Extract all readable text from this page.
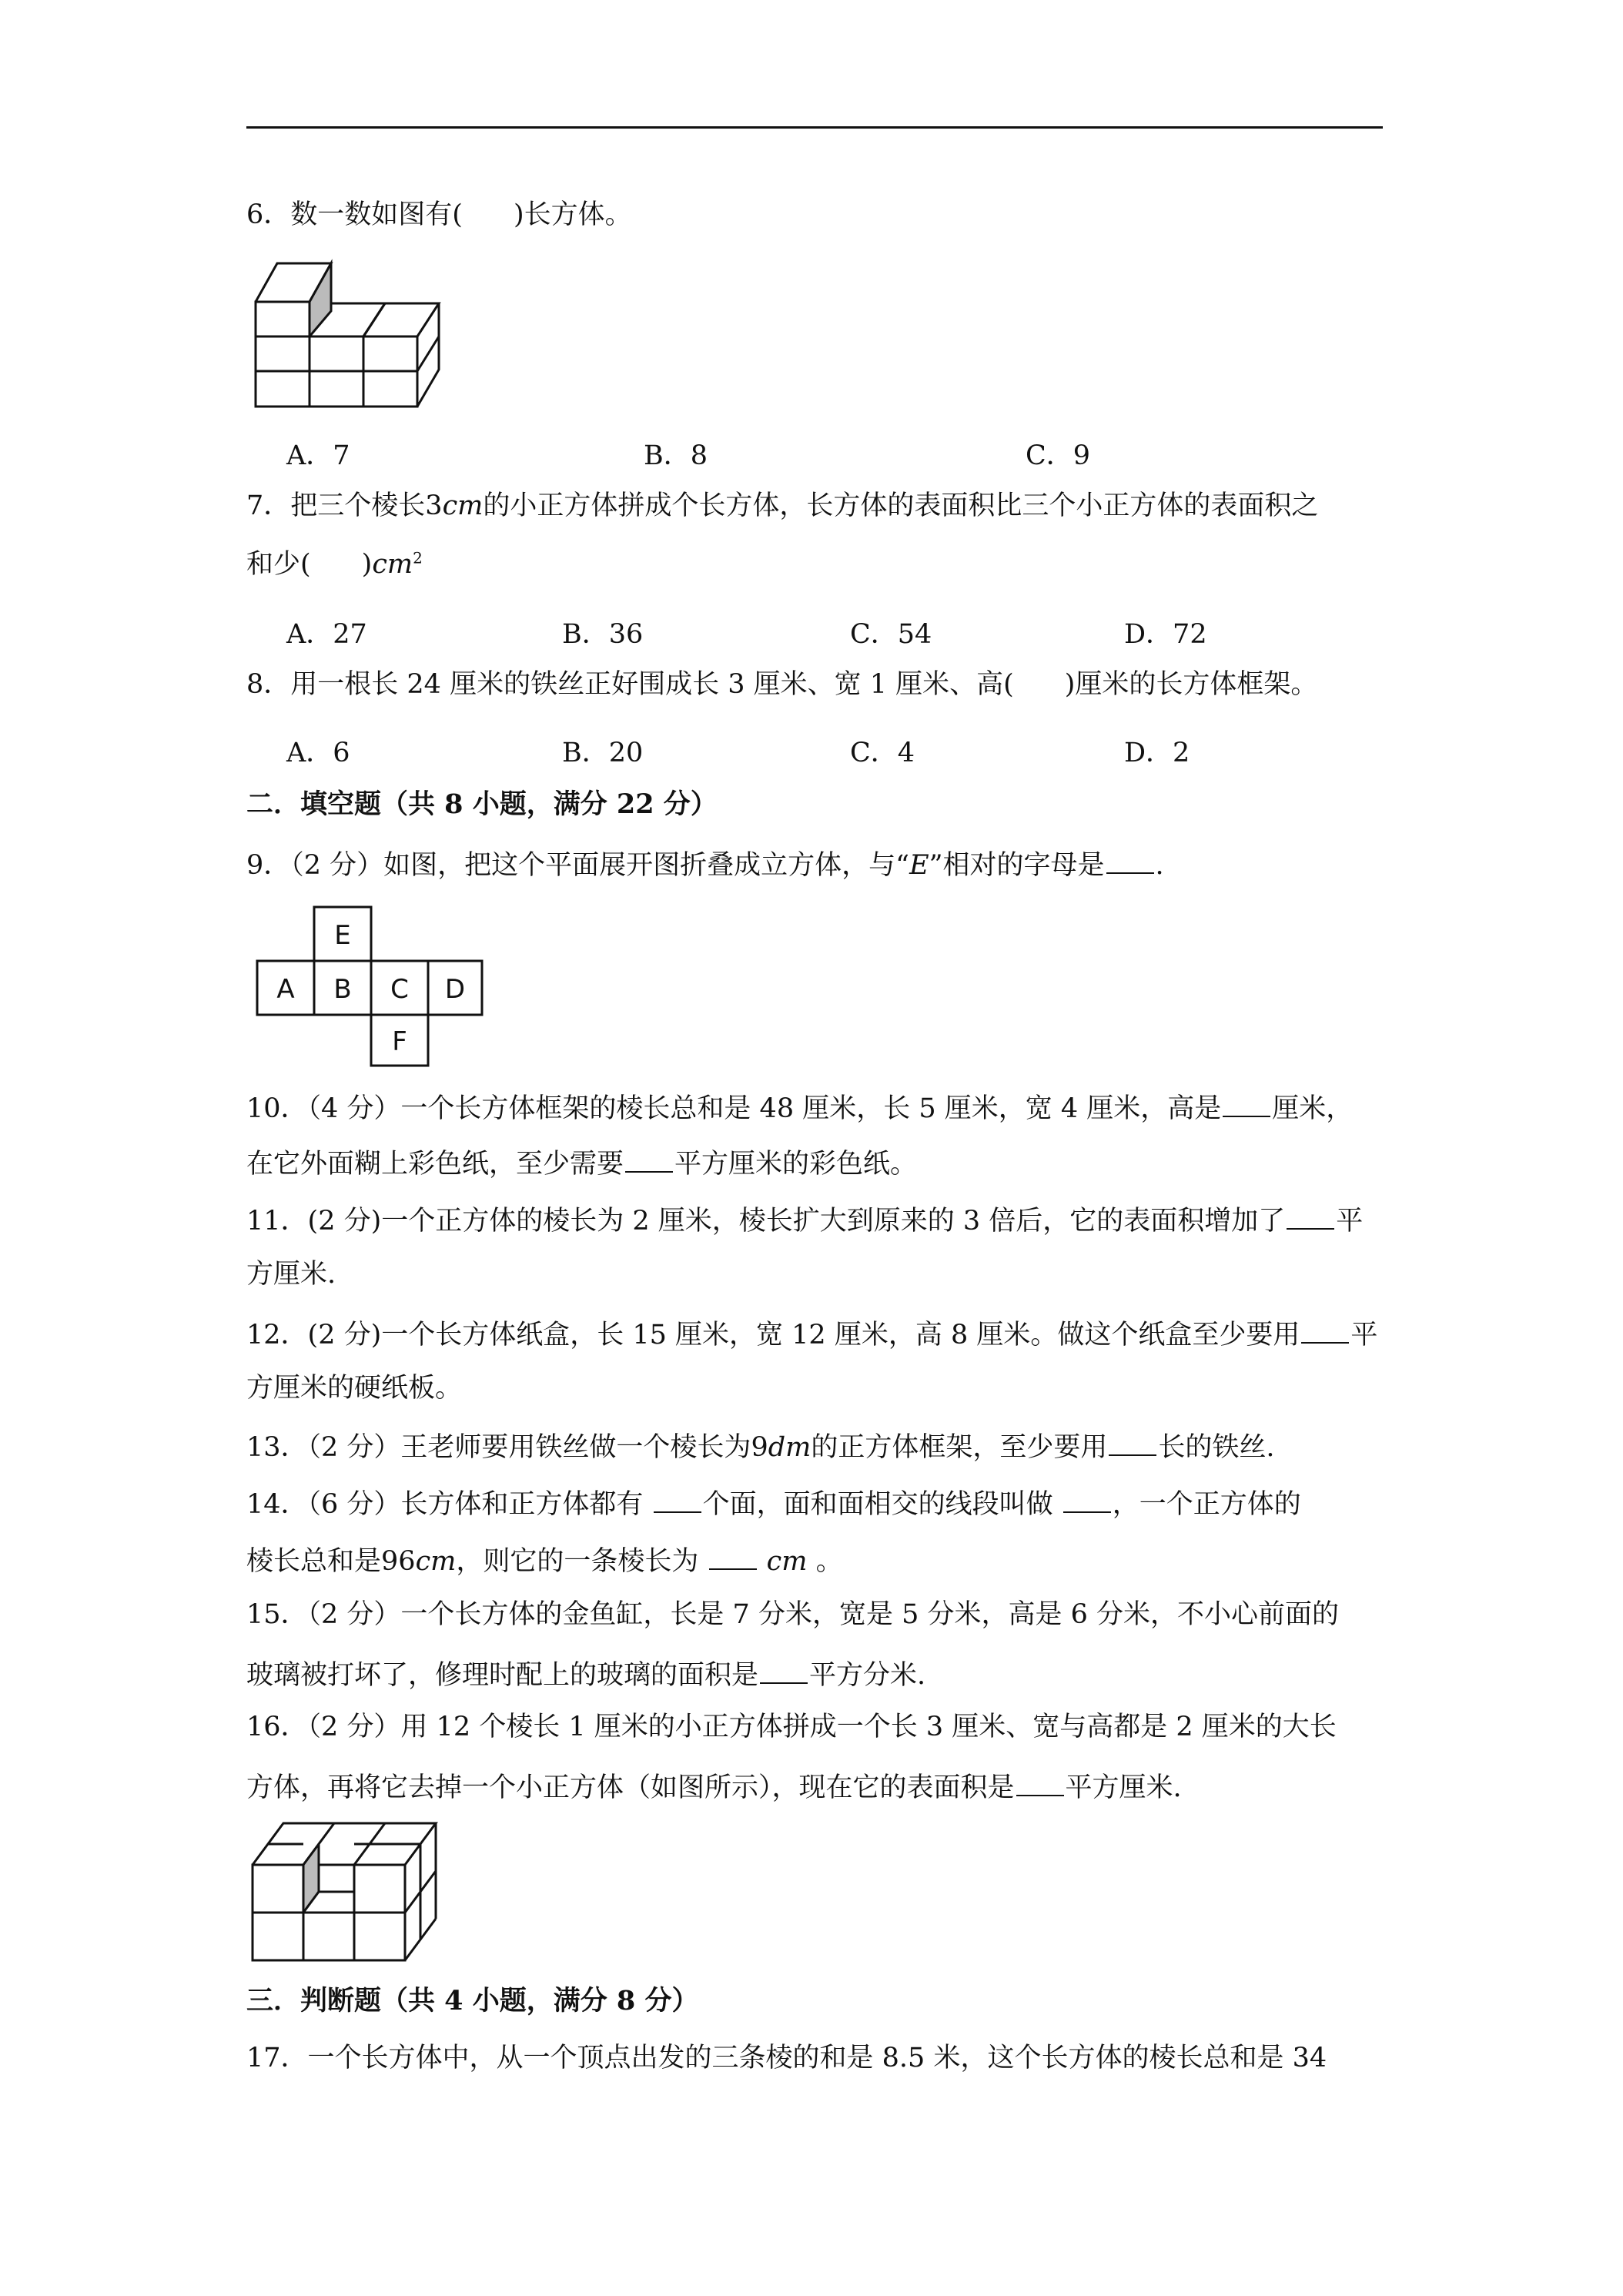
6．数一数如图有( )长方体。
A．7	B．8	C．9
7．把三个棱长3cm的小正方体拼成个长方体，长方体的表面积比三个小正方体的表面积之
和少( )$cm^2$
A．27	B．36	C．54	D．72
8．用一根长 24 厘米的铁丝正好围成长 3 厘米、宽 1 厘米、高( )厘米的长方体框架。
A．6	B．20	C．4	D．2
二．填空题（共 8 小题，满分 22 分）
9．（2 分）如图，把这个平面展开图折叠成立方体，与“E”相对的字母是 .
E
A B C D
F
10．（4 分）一个长方体框架的棱长总和是 48 厘米，长 5 厘米，宽 4 厘米，高是 厘米，
在它外面糊上彩色纸，至少需要 平方厘米的彩色纸。
11．(2 分)一个正方体的棱长为 2 厘米，棱长扩大到原来的 3 倍后，它的表面积增加了 平
方厘米.
12．(2 分)一个长方体纸盒，长 15 厘米，宽 12 厘米，高 8 厘米。做这个纸盒至少要用 平
方厘米的硬纸板。
13．（2 分）王老师要用铁丝做一个棱长为9dm的正方体框架，至少要用 长的铁丝.
14．（6 分）长方体和正方体都有 个面，面和面相交的线段叫做 ，一个正方体的
棱长总和是96cm，则它的一条棱长为	cm 。
15．（2 分）一个长方体的金鱼缸，长是 7 分米，宽是 5 分米，高是 6 分米，不小心前面的
玻璃被打坏了，修理时配上的玻璃的面积是 平方分米.
16．（2 分）用 12 个棱长 1 厘米的小正方体拼成一个长 3 厘米、宽与高都是 2 厘米的大长
方体，再将它去掉一个小正方体（如图所示），现在它的表面积是 平方厘米.
三．判断题（共 4 小题，满分 8 分）
17．一个长方体中，从一个顶点出发的三条棱的和是 8.5 米，这个长方体的棱长总和是 34
